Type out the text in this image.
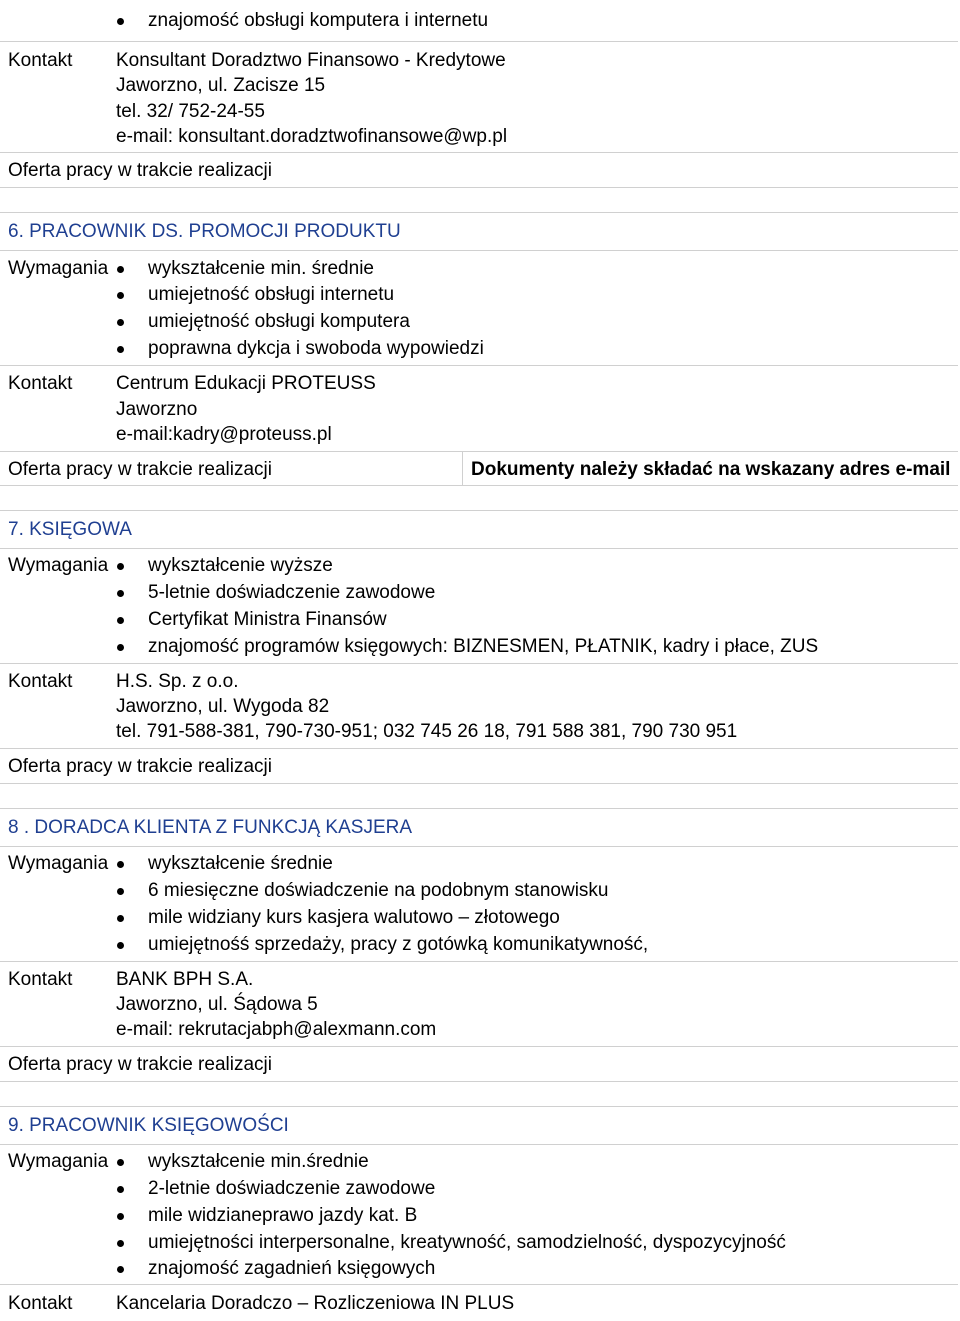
znajomość obsługi komputera i internetu
Kontakt Konsultant Doradztwo Finansowo - Kredytowe
Jaworzno, ul. Zacisze 15
tel. 32/ 752-24-55
e-mail: konsultant.doradztwofinansowe@wp.pl
Oferta pracy w trakcie realizacji
6. PRACOWNIK DS. PROMOCJI PRODUKTU
Wymagania wykształcenie min. średnie
umiejetność obsługi internetu
umiejętność obsługi komputera
poprawna dykcja i swoboda wypowiedzi
Kontakt Centrum Edukacji PROTEUSS
Jaworzno
e-mail:kadry@proteuss.pl
Oferta pracy w trakcie realizacji	Dokumenty należy składać na wskazany adres e-mail
7. KSIĘGOWA
Wymagania wykształcenie wyższe
5-letnie doświadczenie zawodowe
Certyfikat Ministra Finansów
znajomość programów księgowych: BIZNESMEN, PŁATNIK, kadry i płace, ZUS
Kontakt H.S. Sp. z o.o.
Jaworzno, ul. Wygoda 82
tel. 791-588-381, 790-730-951; 032 745 26 18, 791 588 381, 790 730 951
Oferta pracy w trakcie realizacji
8 . DORADCA KLIENTA Z FUNKCJĄ KASJERA
Wymagania wykształcenie średnie
6 miesięczne doświadczenie na podobnym stanowisku
mile widziany kurs kasjera walutowo – złotowego
umiejętnośś sprzedaży, pracy z gotówką komunikatywność,
Kontakt BANK BPH S.A.
Jaworzno, ul. Śądowa 5
e-mail: rekrutacjabph@alexmann.com
Oferta pracy w trakcie realizacji
9. PRACOWNIK KSIĘGOWOŚCI
Wymagania wykształcenie min.średnie
2-letnie doświadczenie zawodowe
mile widzianeprawo jazdy kat. B
umiejętności interpersonalne, kreatywność, samodzielność, dyspozycyjność
znajomość zagadnień księgowych
Kontakt Kancelaria Doradczo – Rozliczeniowa IN PLUS
